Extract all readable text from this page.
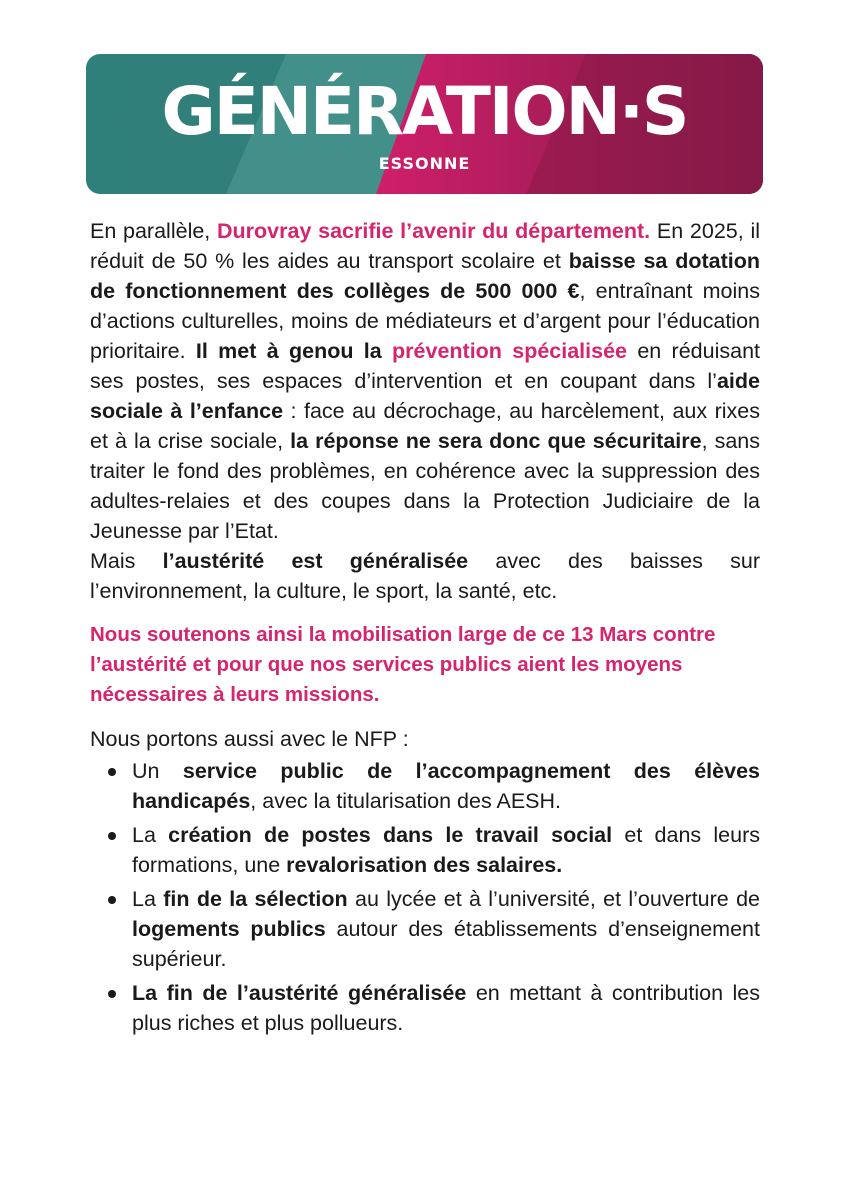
GÉNÉRATION·S
ESSONNE
En parallèle, Durovray sacrifie l’avenir du département. En 2025, il réduit de 50 % les aides au transport scolaire et baisse sa dotation de fonctionnement des collèges de 500 000 €, entraînant moins d’actions culturelles, moins de médiateurs et d’argent pour l’éducation prioritaire. Il met à genou la prévention spécialisée en réduisant ses postes, ses espaces d’intervention et en coupant dans l’aide sociale à l’enfance : face au décrochage, au harcèlement, aux rixes et à la crise sociale, la réponse ne sera donc que sécuritaire, sans traiter le fond des problèmes, en cohérence avec la suppression des adultes-relaies et des coupes dans la Protection Judiciaire de la Jeunesse par l’Etat.
Mais l’austérité est généralisée avec des baisses sur l’environnement, la culture, le sport, la santé, etc.
Nous soutenons ainsi la mobilisation large de ce 13 Mars contre l’austérité et pour que nos services publics aient les moyens nécessaires à leurs missions.
Nous portons aussi avec le NFP :
Un service public de l’accompagnement des élèves handicapés, avec la titularisation des AESH.
La création de postes dans le travail social et dans leurs formations, une revalorisation des salaires.
La fin de la sélection au lycée et à l’université, et l’ouverture de logements publics autour des établissements d’enseignement supérieur.
La fin de l’austérité généralisée en mettant à contribution les plus riches et plus pollueurs.
